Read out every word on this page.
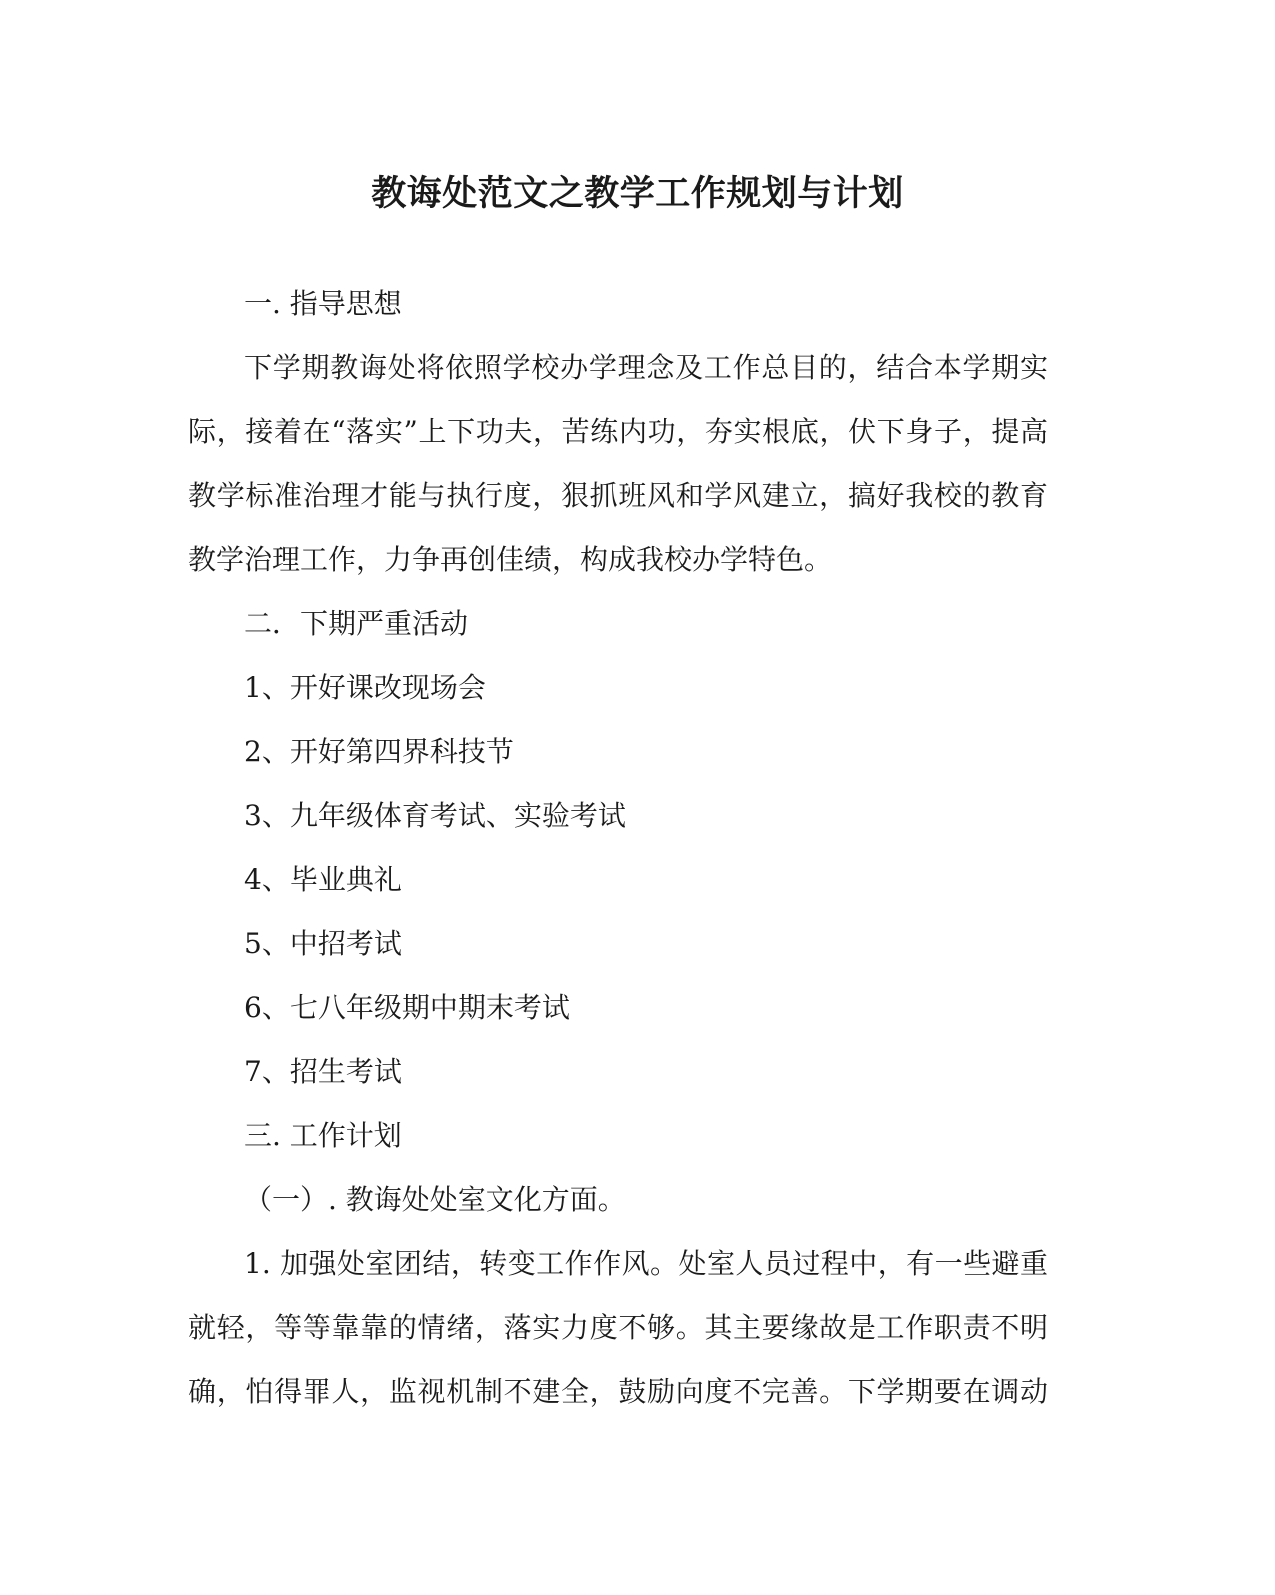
教诲处范文之教学工作规划与计划

一. 指导思想

下学期教诲处将依照学校办学理念及工作总目的，结合本学期实

际，接着在“落实”上下功夫，苦练内功，夯实根底，伏下身子，提高

教学标准治理才能与执行度，狠抓班风和学风建立，搞好我校的教育

教学治理工作，力争再创佳绩，构成我校办学特色。

二．下期严重活动

1、开好课改现场会

2、开好第四界科技节

3、九年级体育考试、实验考试

4、毕业典礼

5、中招考试

6、七八年级期中期末考试

7、招生考试

三. 工作计划

（一）. 教诲处处室文化方面。

1. 加强处室团结，转变工作作风。处室人员过程中，有一些避重

就轻，等等靠靠的情绪，落实力度不够。其主要缘故是工作职责不明

确，怕得罪人，监视机制不建全，鼓励向度不完善。下学期要在调动
